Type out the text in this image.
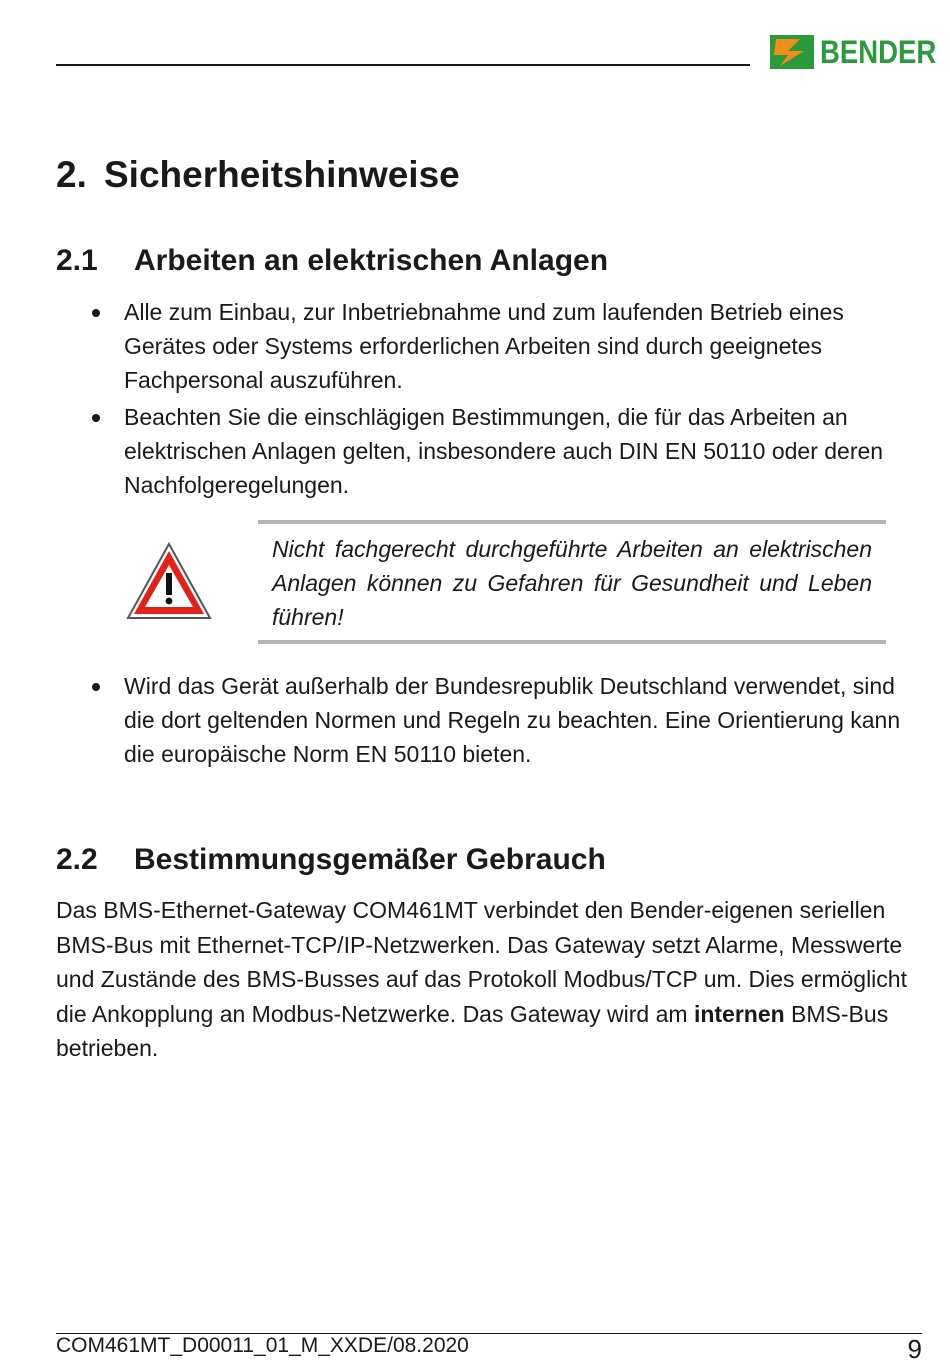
BENDER
2. Sicherheitshinweise
2.1 Arbeiten an elektrischen Anlagen
Alle zum Einbau, zur Inbetriebnahme und zum laufenden Betrieb eines Gerätes oder Systems erforderlichen Arbeiten sind durch geeignetes Fachpersonal auszuführen.
Beachten Sie die einschlägigen Bestimmungen, die für das Arbeiten an elektrischen Anlagen gelten, insbesondere auch DIN EN 50110 oder deren Nachfolgeregelungen.
Nicht fachgerecht durchgeführte Arbeiten an elektrischen Anlagen können zu Gefahren für Gesundheit und Leben führen!
Wird das Gerät außerhalb der Bundesrepublik Deutschland verwendet, sind die dort geltenden Normen und Regeln zu beachten. Eine Orientierung kann die europäische Norm EN 50110 bieten.
2.2 Bestimmungsgemäßer Gebrauch

Das BMS-Ethernet-Gateway COM461MT verbindet den Bender-eigenen seriellen BMS-Bus mit Ethernet-TCP/IP-Netzwerken. Das Gateway setzt Alarme, Messwerte und Zustände des BMS-Busses auf das Protokoll Modbus/TCP um. Dies ermöglicht die Ankopplung an Modbus-Netzwerke. Das Gateway wird am internen BMS-Bus betrieben.

COM461MT_D00011_01_M_XXDE/08.2020	9
